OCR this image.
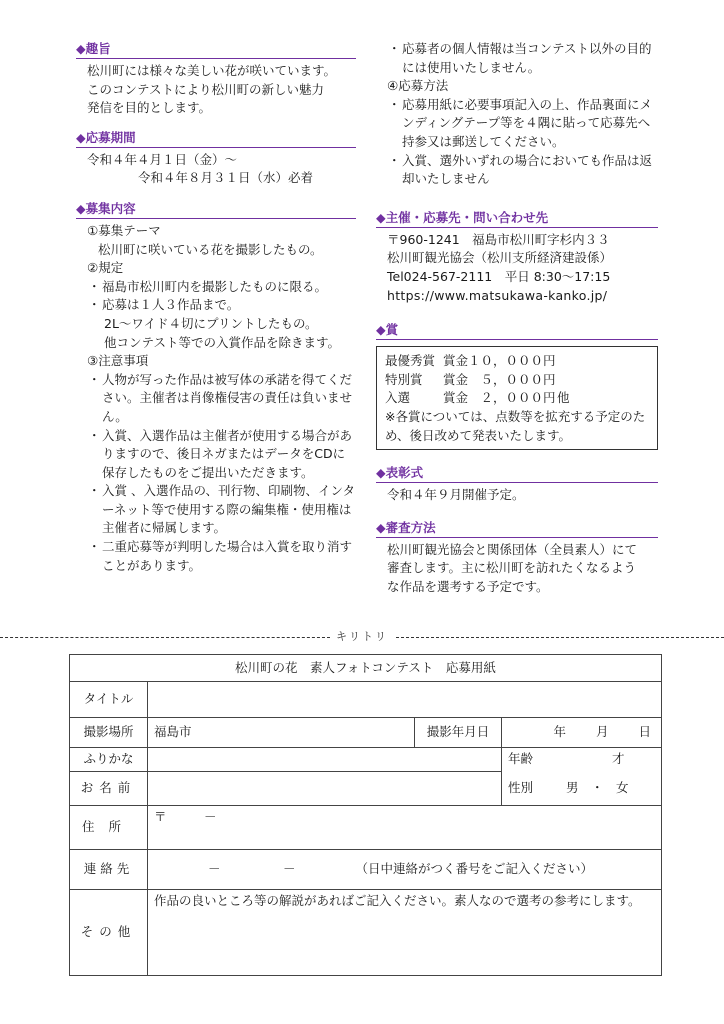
◆趣旨
松川町には様々な美しい花が咲いています。
このコンテストにより松川町の新しい魅力
発信を目的とします。
◆応募期間
令和４年４月１日（金）～
令和４年８月３１日（水）必着
◆募集内容
①募集テーマ
松川町に咲いている花を撮影したもの。
②規定
・ 福島市松川町内を撮影したものに限る。
・ 応募は１人３作品まで。
2L～ワイド４切にプリントしたもの。
他コンテスト等での入賞作品を除きます。
③注意事項
・ 人物が写った作品は被写体の承諾を得てください。主催者は肖像権侵害の責任は負いません。
・ 入賞、入選作品は主催者が使用する場合がありますので、後日ネガまたはデータをCDに保存したものをご提出いただきます。
・ 入賞 、入選作品の、刊行物、印刷物、インターネット等で使用する際の編集権・使用権は主催者に帰属します。
・ 二重応募等が判明した場合は入賞を取り消すことがあります。
・ 応募者の個人情報は当コンテスト以外の目的には使用いたしません。
④応募方法
・ 応募用紙に必要事項記入の上、作品裏面にメンディングテープ等を４隅に貼って応募先へ持参又は郵送してください。
・ 入賞、選外いずれの場合においても作品は返却いたしません
◆主催・応募先・問い合わせ先
〒960-1241　福島市松川町字杉内３３
松川町観光協会（松川支所経済建設係）
Tel024-567-2111　平日 8:30～17:15
https://www.matsukawa-kanko.jp/
◆賞
最優秀賞 賞金１０，０００円
特別賞 賞金　５，０００円
入選	賞金　２，０００円他
※各賞については、点数等を拡充する予定のため、後日改めて発表いたします。
◆表彰式
令和４年９月開催予定。
◆審査方法
松川町観光協会と関係団体（全員素人）にて
審査します。主に松川町を訪れたくなるよう
な作品を選考する予定です。
キリトリ
松川町の花　素人フォトコンテスト　応募用紙				
タイトル				
撮影場所	福島市	撮影年月日	年 月 日	
ふりかな			年齢	才
お名前			性別	男　・　女
住所	〒　　　－			
連絡先	－　　　　　－ （日中連絡がつく番号をご記入ください）			
その他	作品の良いところ等の解説があればご記入ください。素人なので選考の参考にします。			
